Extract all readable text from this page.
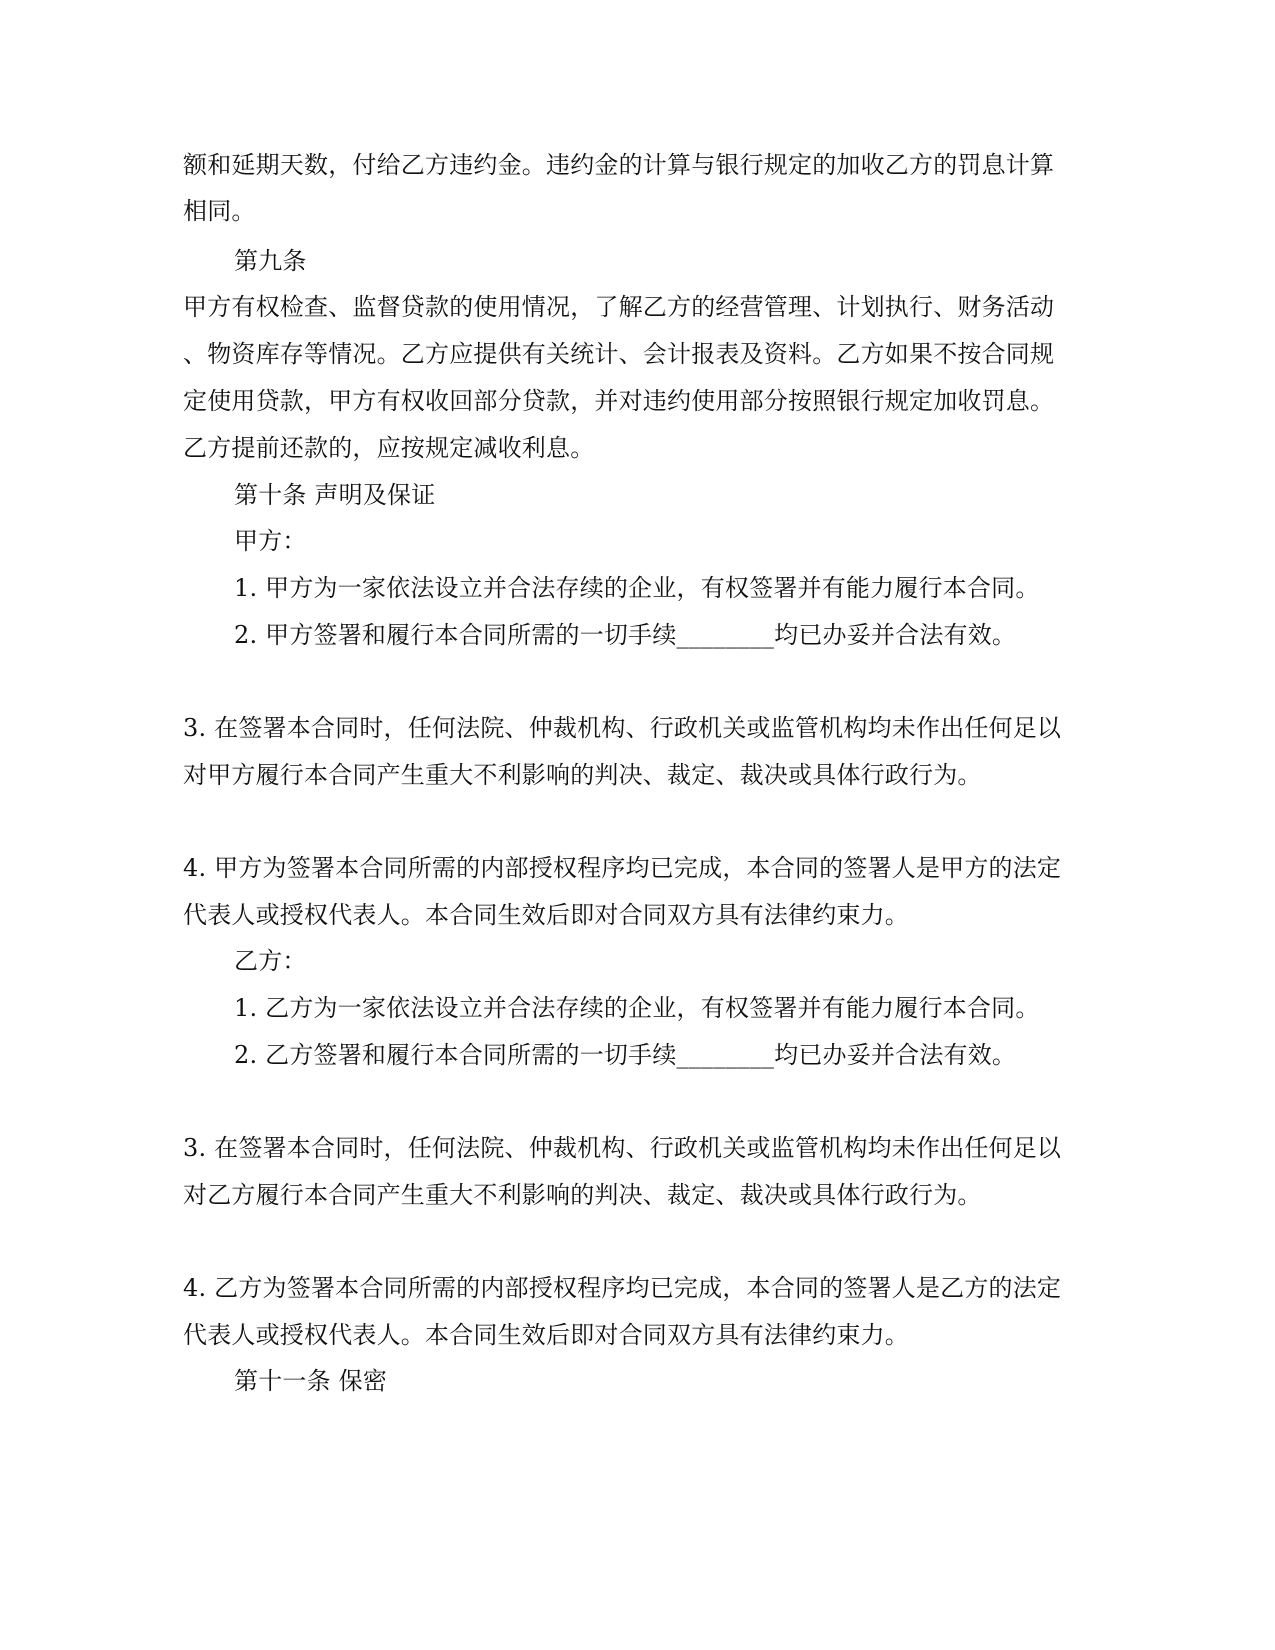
额和延期天数，付给乙方违约金。违约金的计算与银行规定的加收乙方的罚息计算
相同。
第九条
甲方有权检查、监督贷款的使用情况，了解乙方的经营管理、计划执行、财务活动
、物资库存等情况。乙方应提供有关统计、会计报表及资料。乙方如果不按合同规
定使用贷款，甲方有权收回部分贷款，并对违约使用部分按照银行规定加收罚息。
乙方提前还款的，应按规定减收利息。
第十条 声明及保证
甲方：
1. 甲方为一家依法设立并合法存续的企业，有权签署并有能力履行本合同。
2. 甲方签署和履行本合同所需的一切手续________均已办妥并合法有效。
3. 在签署本合同时，任何法院、仲裁机构、行政机关或监管机构均未作出任何足以
对甲方履行本合同产生重大不利影响的判决、裁定、裁决或具体行政行为。
4. 甲方为签署本合同所需的内部授权程序均已完成，本合同的签署人是甲方的法定
代表人或授权代表人。本合同生效后即对合同双方具有法律约束力。
乙方：
1. 乙方为一家依法设立并合法存续的企业，有权签署并有能力履行本合同。
2. 乙方签署和履行本合同所需的一切手续________均已办妥并合法有效。
3. 在签署本合同时，任何法院、仲裁机构、行政机关或监管机构均未作出任何足以
对乙方履行本合同产生重大不利影响的判决、裁定、裁决或具体行政行为。
4. 乙方为签署本合同所需的内部授权程序均已完成，本合同的签署人是乙方的法定
代表人或授权代表人。本合同生效后即对合同双方具有法律约束力。
第十一条 保密
